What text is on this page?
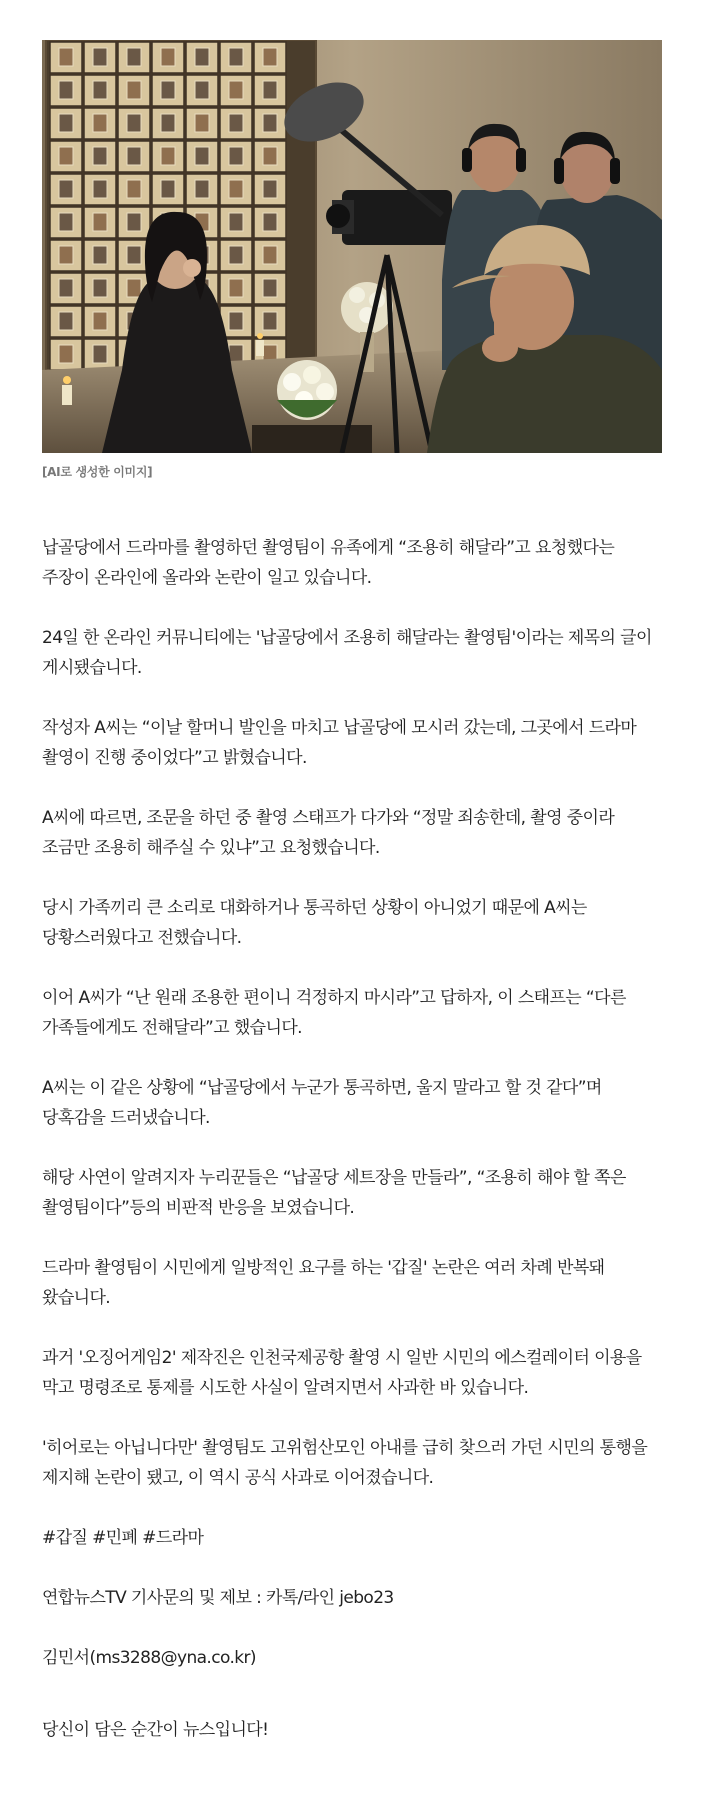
[AI로 생성한 이미지]

납골당에서 드라마를 촬영하던 촬영팀이 유족에게 “조용히 해달라”고 요청했다는 주장이 온라인에 올라와 논란이 일고 있습니다.

24일 한 온라인 커뮤니티에는 '납골당에서 조용히 해달라는 촬영팀'이라는 제목의 글이 게시됐습니다.

작성자 A씨는 “이날 할머니 발인을 마치고 납골당에 모시러 갔는데, 그곳에서 드라마 촬영이 진행 중이었다”고 밝혔습니다.

A씨에 따르면, 조문을 하던 중 촬영 스태프가 다가와 “정말 죄송한데, 촬영 중이라 조금만 조용히 해주실 수 있냐”고 요청했습니다.

당시 가족끼리 큰 소리로 대화하거나 통곡하던 상황이 아니었기 때문에 A씨는 당황스러웠다고 전했습니다.

이어 A씨가 “난 원래 조용한 편이니 걱정하지 마시라”고 답하자, 이 스태프는 “다른 가족들에게도 전해달라”고 했습니다.

A씨는 이 같은 상황에 “납골당에서 누군가 통곡하면, 울지 말라고 할 것 같다”며 당혹감을 드러냈습니다.

해당 사연이 알려지자 누리꾼들은 “납골당 세트장을 만들라”, “조용히 해야 할 쪽은 촬영팀이다”등의 비판적 반응을 보였습니다.

드라마 촬영팀이 시민에게 일방적인 요구를 하는 '갑질' 논란은 여러 차례 반복돼 왔습니다.

과거 '오징어게임2' 제작진은 인천국제공항 촬영 시 일반 시민의 에스컬레이터 이용을 막고 명령조로 통제를 시도한 사실이 알려지면서 사과한 바 있습니다.

'히어로는 아닙니다만' 촬영팀도 고위험산모인 아내를 급히 찾으러 가던 시민의 통행을 제지해 논란이 됐고, 이 역시 공식 사과로 이어졌습니다.

#갑질 #민폐 #드라마

연합뉴스TV 기사문의 및 제보 : 카톡/라인 jebo23

김민서(ms3288@yna.co.kr)

당신이 담은 순간이 뉴스입니다!
